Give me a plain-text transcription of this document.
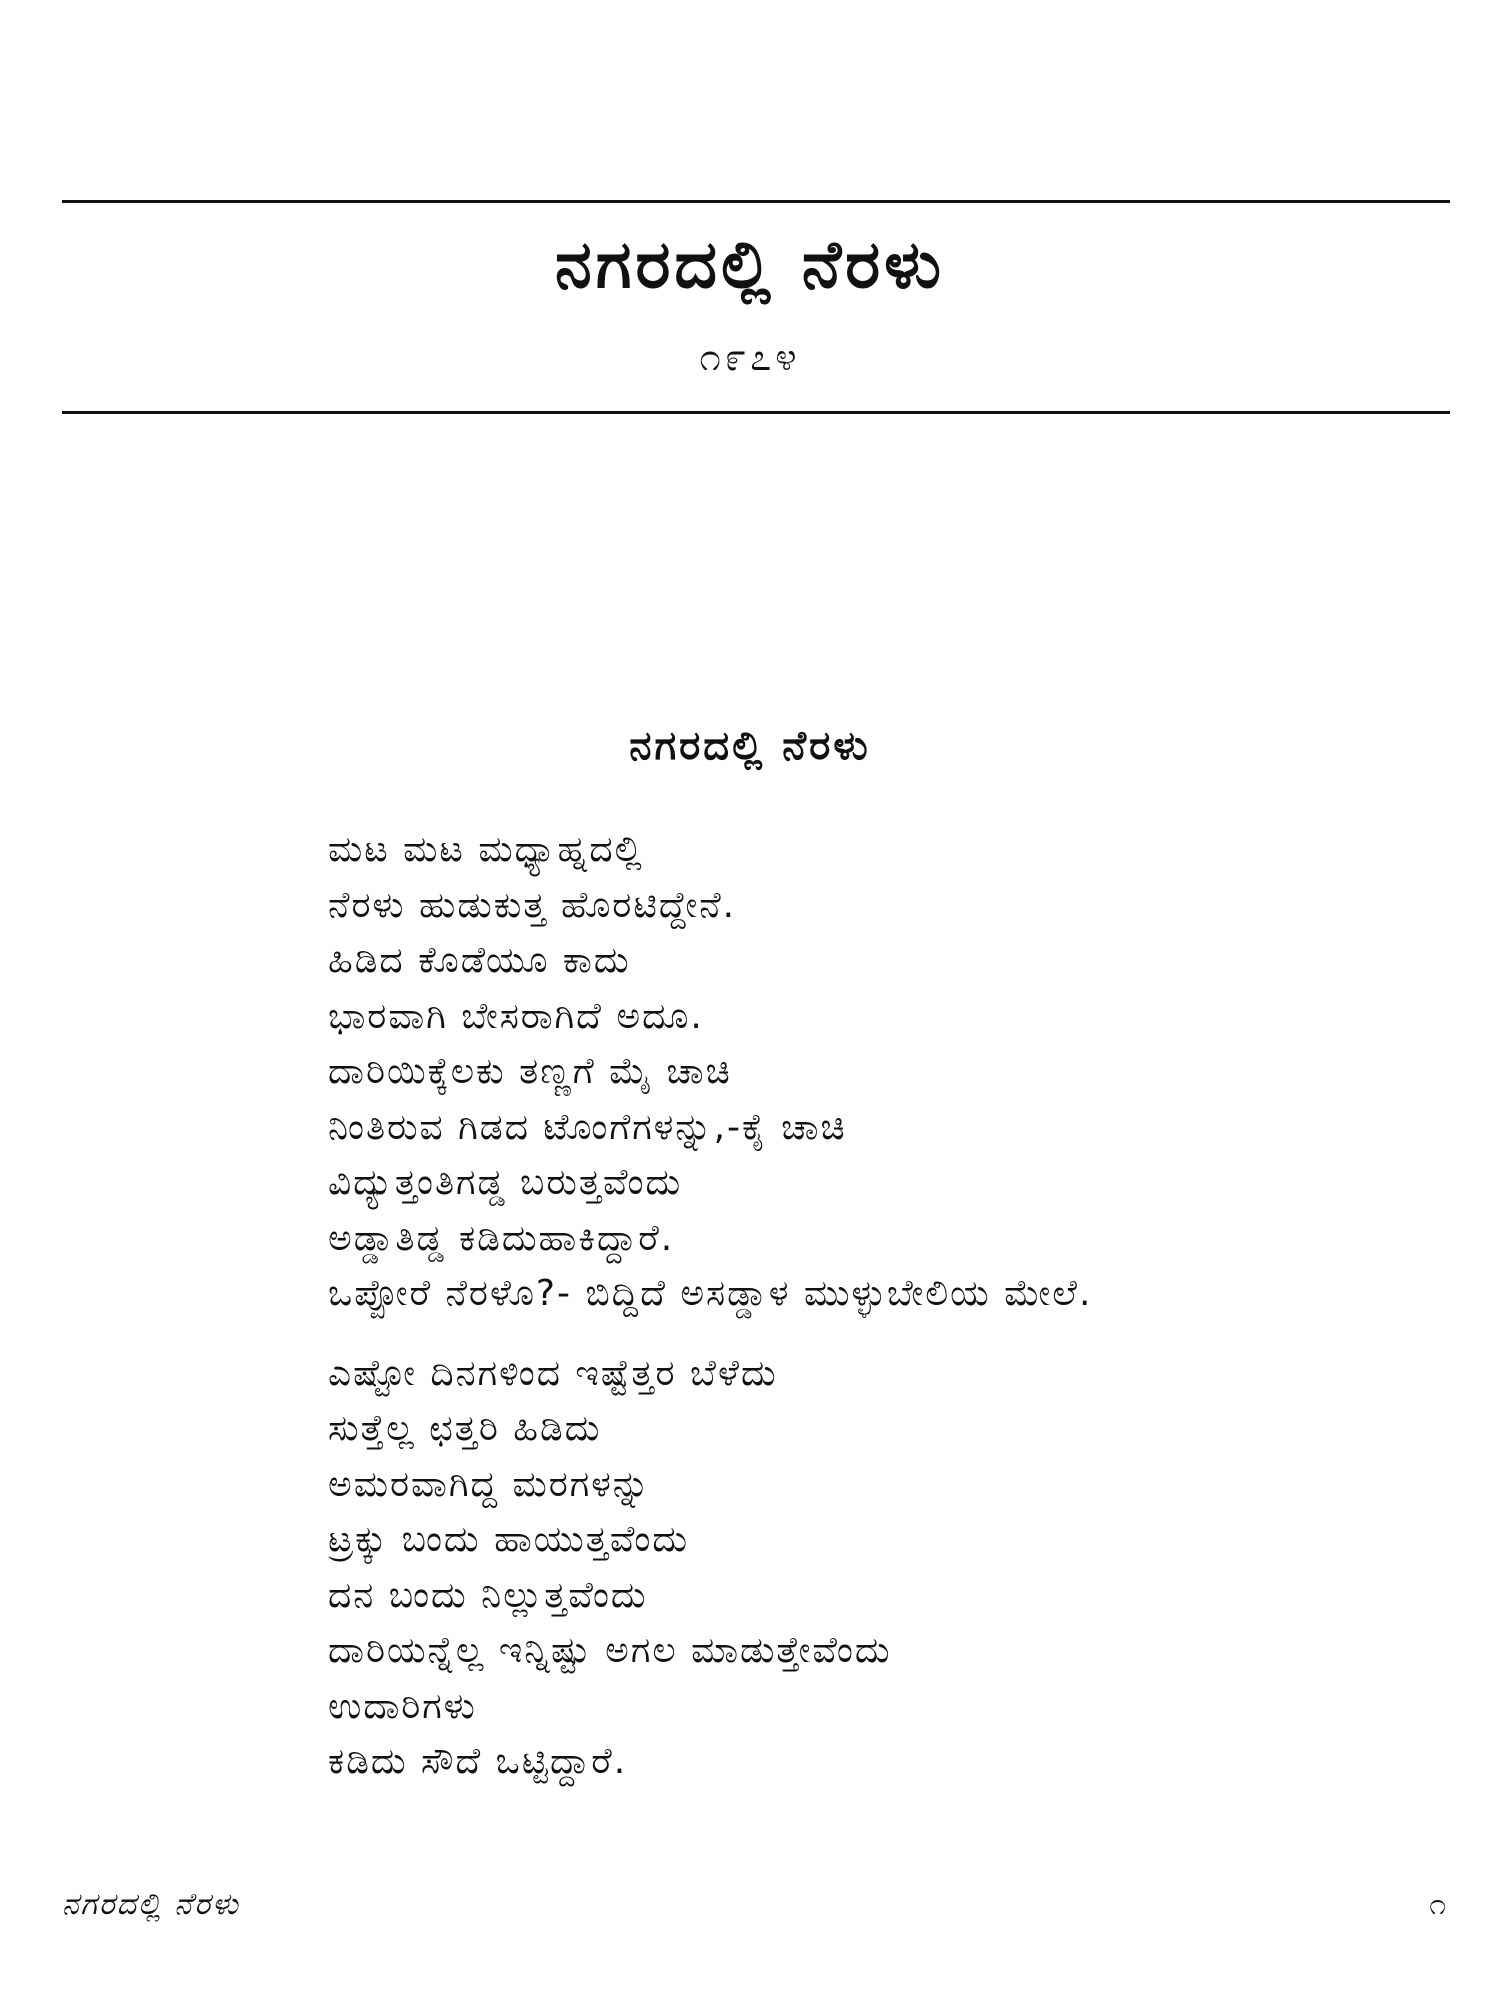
ನಗರದಲ್ಲಿ ನೆರಳು
೧೯೭೪
ನಗರದಲ್ಲಿ ನೆರಳು
ಮಟ ಮಟ ಮಧ್ಯಾಹ್ನದಲ್ಲಿ
ನೆರಳು ಹುಡುಕುತ್ತ ಹೊರಟಿದ್ದೇನೆ.
ಹಿಡಿದ ಕೊಡೆಯೂ ಕಾದು
ಭಾರವಾಗಿ ಬೇಸರಾಗಿದೆ ಅದೂ.
ದಾರಿಯಿಕ್ಕೆಲಕು ತಣ್ಣಗೆ ಮೈ ಚಾಚಿ
ನಿಂತಿರುವ ಗಿಡದ ಟೊಂಗೆಗಳನ್ನು,-ಕೈ ಚಾಚಿ
ವಿದ್ಯುತ್ತಂತಿಗಡ್ಡ ಬರುತ್ತವೆಂದು
ಅಡ್ಡಾತಿಡ್ಡ ಕಡಿದುಹಾಕಿದ್ದಾರೆ.
ಒಪ್ಪೋರೆ ನೆರಳೊ?- ಬಿದ್ದಿದೆ ಅಸಡ್ಡಾಳ ಮುಳ್ಳುಬೇಲಿಯ ಮೇಲೆ.
ಎಷ್ಟೋ ದಿನಗಳಿಂದ ಇಷ್ಟೆತ್ತರ ಬೆಳೆದು
ಸುತ್ತೆಲ್ಲ ಛತ್ತರಿ ಹಿಡಿದು
ಅಮರವಾಗಿದ್ದ ಮರಗಳನ್ನು
ಟ್ರಕ್ಕು ಬಂದು ಹಾಯುತ್ತವೆಂದು
ದನ ಬಂದು ನಿಲ್ಲುತ್ತವೆಂದು
ದಾರಿಯನ್ನೆಲ್ಲ ಇನ್ನಿಷ್ಟು ಅಗಲ ಮಾಡುತ್ತೇವೆಂದು
ಉದಾರಿಗಳು
ಕಡಿದು ಸೌದೆ ಒಟ್ಟಿದ್ದಾರೆ.
ನಗರದಲ್ಲಿ ನೆರಳು	೧
